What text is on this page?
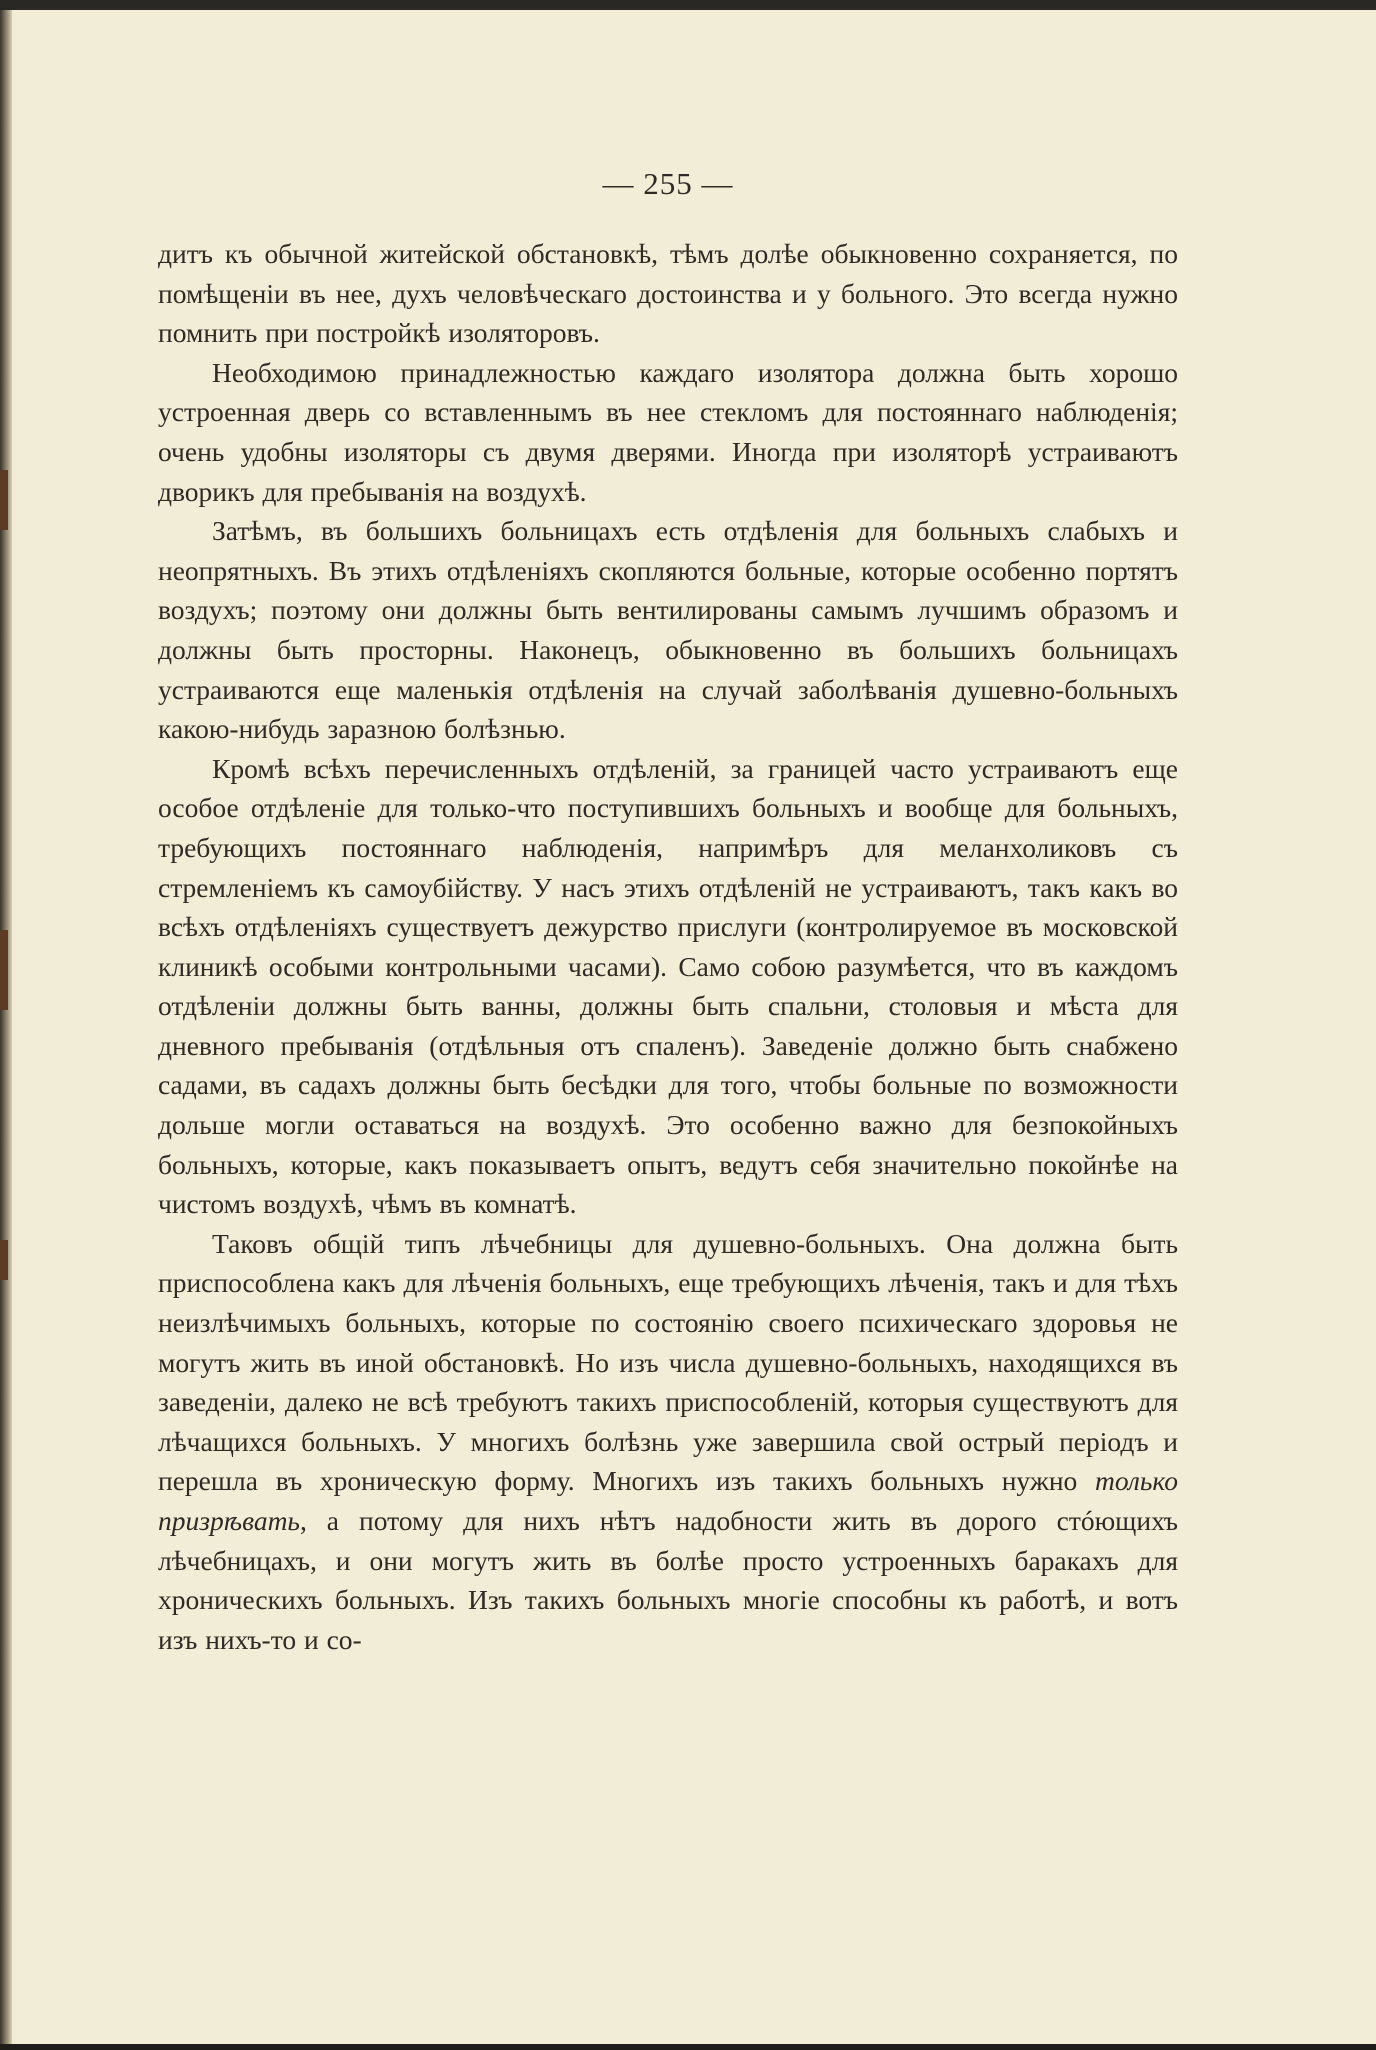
— 255 —

дитъ къ обычной житейской обстановкѣ, тѣмъ долѣе обыкновенно сохраняется, по помѣщеніи въ нее, духъ человѣческаго достоинства и у больного. Это всегда нужно помнить при постройкѣ изоляторовъ.

Необходимою принадлежностью каждаго изолятора должна быть хорошо устроенная дверь со вставленнымъ въ нее стекломъ для постояннаго наблюденія; очень удобны изоляторы съ двумя дверями. Иногда при изоляторѣ устраиваютъ дворикъ для пребыванія на воздухѣ.

Затѣмъ, въ большихъ больницахъ есть отдѣленія для больныхъ слабыхъ и неопрятныхъ. Въ этихъ отдѣленіяхъ скопляются больные, которые особенно портятъ воздухъ; поэтому они должны быть вентилированы самымъ лучшимъ образомъ и должны быть просторны. Наконецъ, обыкновенно въ большихъ больницахъ устраиваются еще маленькія отдѣленія на случай заболѣванія душевно-больныхъ какою-нибудь заразною болѣзнью.

Кромѣ всѣхъ перечисленныхъ отдѣленій, за границей часто устраиваютъ еще особое отдѣленіе для только-что поступившихъ больныхъ и вообще для больныхъ, требующихъ постояннаго наблюденія, напримѣръ для меланхоликовъ съ стремленіемъ къ самоубійству. У насъ этихъ отдѣленій не устраиваютъ, такъ какъ во всѣхъ отдѣленіяхъ существуетъ дежурство прислуги (контролируемое въ московской клиникѣ особыми контрольными часами). Само собою разумѣется, что въ каждомъ отдѣленіи должны быть ванны, должны быть спальни, столовыя и мѣста для дневного пребыванія (отдѣльныя отъ спаленъ). Заведеніе должно быть снабжено садами, въ садахъ должны быть бесѣдки для того, чтобы больные по возможности дольше могли оставаться на воздухѣ. Это особенно важно для безпокойныхъ больныхъ, которые, какъ показываетъ опытъ, ведутъ себя значительно покойнѣе на чистомъ воздухѣ, чѣмъ въ комнатѣ.

Таковъ общій типъ лѣчебницы для душевно-больныхъ. Она должна быть приспособлена какъ для лѣченія больныхъ, еще требующихъ лѣченія, такъ и для тѣхъ неизлѣчимыхъ больныхъ, которые по состоянію своего психическаго здоровья не могутъ жить въ иной обстановкѣ. Но изъ числа душевно-больныхъ, находящихся въ заведеніи, далеко не всѣ требуютъ такихъ приспособленій, которыя существуютъ для лѣчащихся больныхъ. У многихъ болѣзнь уже завершила свой острый періодъ и перешла въ хроническую форму. Многихъ изъ такихъ больныхъ нужно только призрѣвать, а потому для нихъ нѣтъ надобности жить въ дорого стóющихъ лѣчебницахъ, и они могутъ жить въ болѣе просто устроенныхъ баракахъ для хроническихъ больныхъ. Изъ такихъ больныхъ многіе способны къ работѣ, и вотъ изъ нихъ-то и со-
